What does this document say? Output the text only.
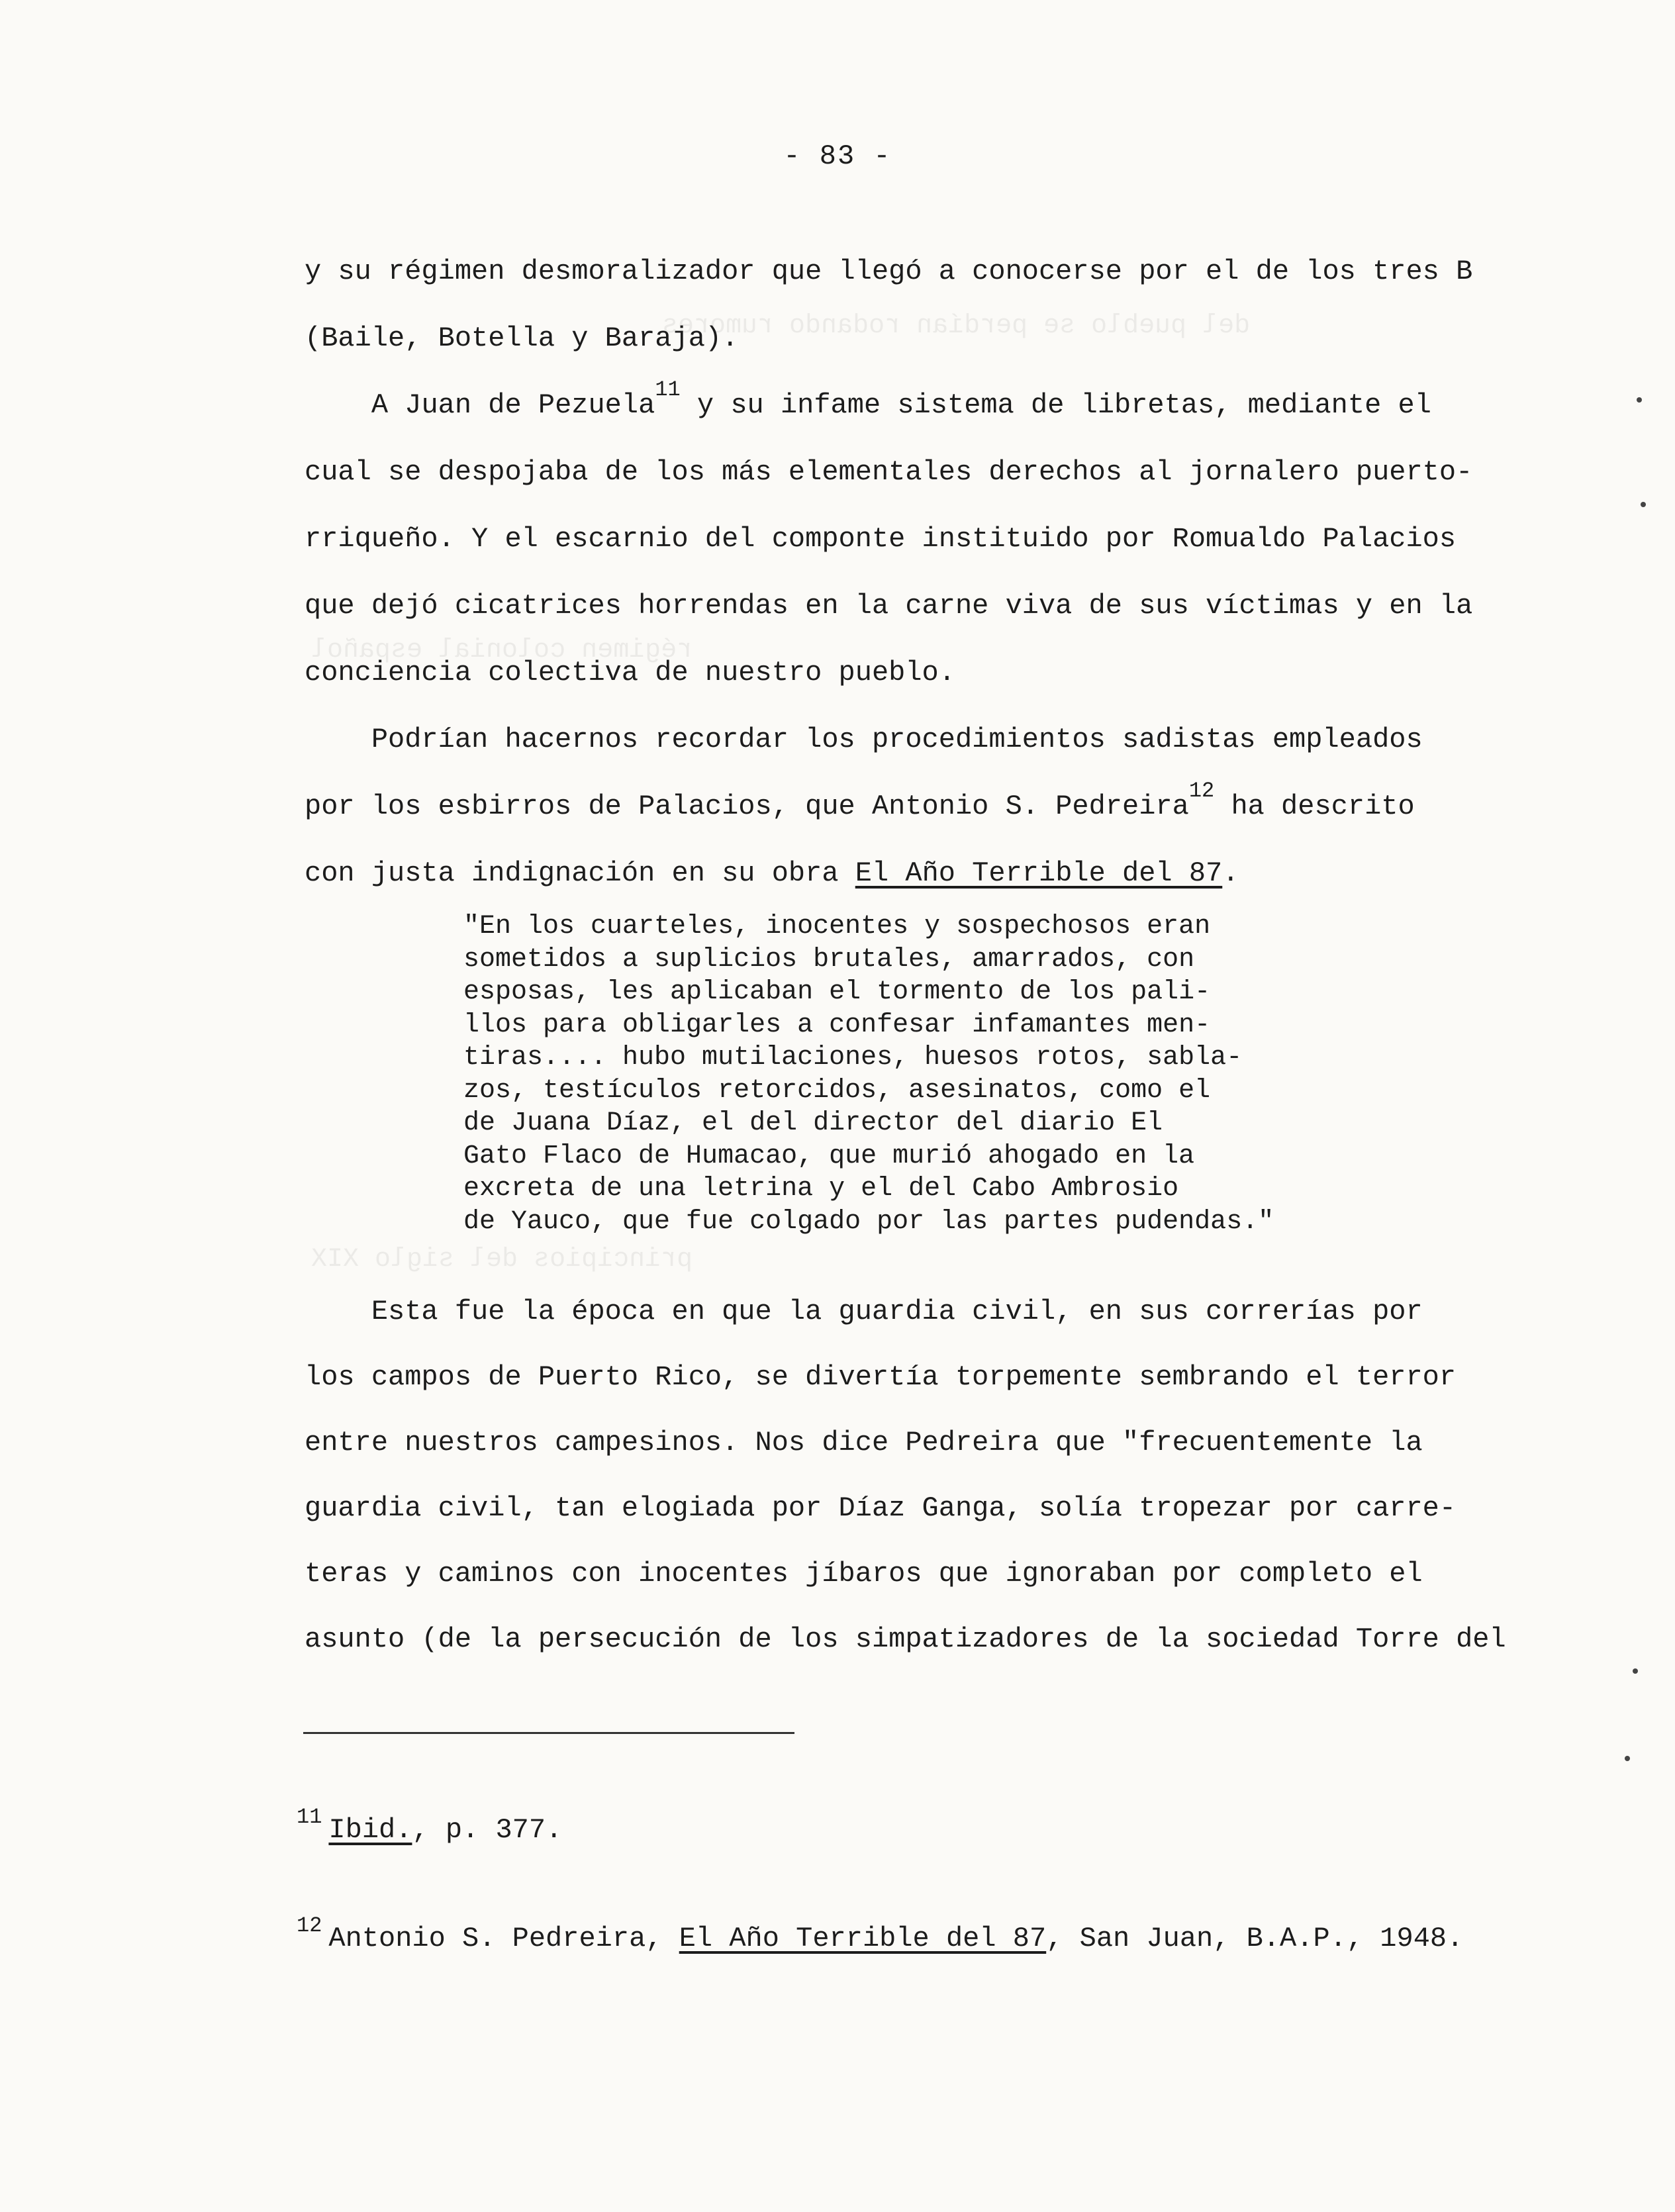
del pueblo se perdían rodando rumores
régimen colonial español
principios del siglo XIX
- 83 -
y su régimen desmoralizador que llegó a conocerse por el de los tres B
(Baile, Botella y Baraja).
A Juan de Pezuela$^{11}$ y su infame sistema de libretas, mediante el
cual se despojaba de los más elementales derechos al jornalero puerto-
rriqueño. Y el escarnio del componte instituido por Romualdo Palacios
que dejó cicatrices horrendas en la carne viva de sus víctimas y en la
conciencia colectiva de nuestro pueblo.
Podrían hacernos recordar los procedimientos sadistas empleados
por los esbirros de Palacios, que Antonio S. Pedreira$^{12}$ ha descrito
con justa indignación en su obra El Año Terrible del 87.
"En los cuarteles, inocentes y sospechosos eran
sometidos a suplicios brutales, amarrados, con
esposas, les aplicaban el tormento de los pali-
llos para obligarles a confesar infamantes men-
tiras.... hubo mutilaciones, huesos rotos, sabla-
zos, testículos retorcidos, asesinatos, como el
de Juana Díaz, el del director del diario El
Gato Flaco de Humacao, que murió ahogado en la
excreta de una letrina y el del Cabo Ambrosio
de Yauco, que fue colgado por las partes pudendas."
Esta fue la época en que la guardia civil, en sus correrías por
los campos de Puerto Rico, se divertía torpemente sembrando el terror
entre nuestros campesinos. Nos dice Pedreira que "frecuentemente la
guardia civil, tan elogiada por Díaz Ganga, solía tropezar por carre-
teras y caminos con inocentes jíbaros que ignoraban por completo el
asunto (de la persecución de los simpatizadores de la sociedad Torre del
$^{11}$ Ibid., p. 377.
$^{12}$ Antonio S. Pedreira, El Año Terrible del 87, San Juan, B.A.P., 1948.
